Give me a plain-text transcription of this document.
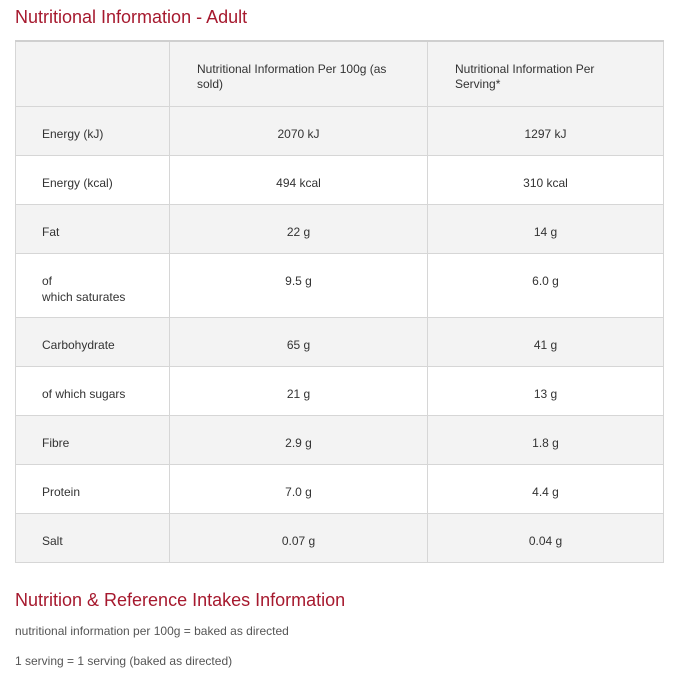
Nutritional Information - Adult

	Nutritional Information Per 100g (as sold)	Nutritional Information Per Serving*

Energy (kJ)	2070 kJ	1297 kJ
Energy (kcal)	494 kcal	310 kcal
Fat	22 g	14 g
of
which saturates	9.5 g	6.0 g
Carbohydrate	65 g	41 g
of which sugars	21 g	13 g
Fibre	2.9 g	1.8 g
Protein	7.0 g	4.4 g
Salt	0.07 g	0.04 g
Nutrition & Reference Intakes Information

nutritional information per 100g = baked as directed

1 serving = 1 serving (baked as directed)
